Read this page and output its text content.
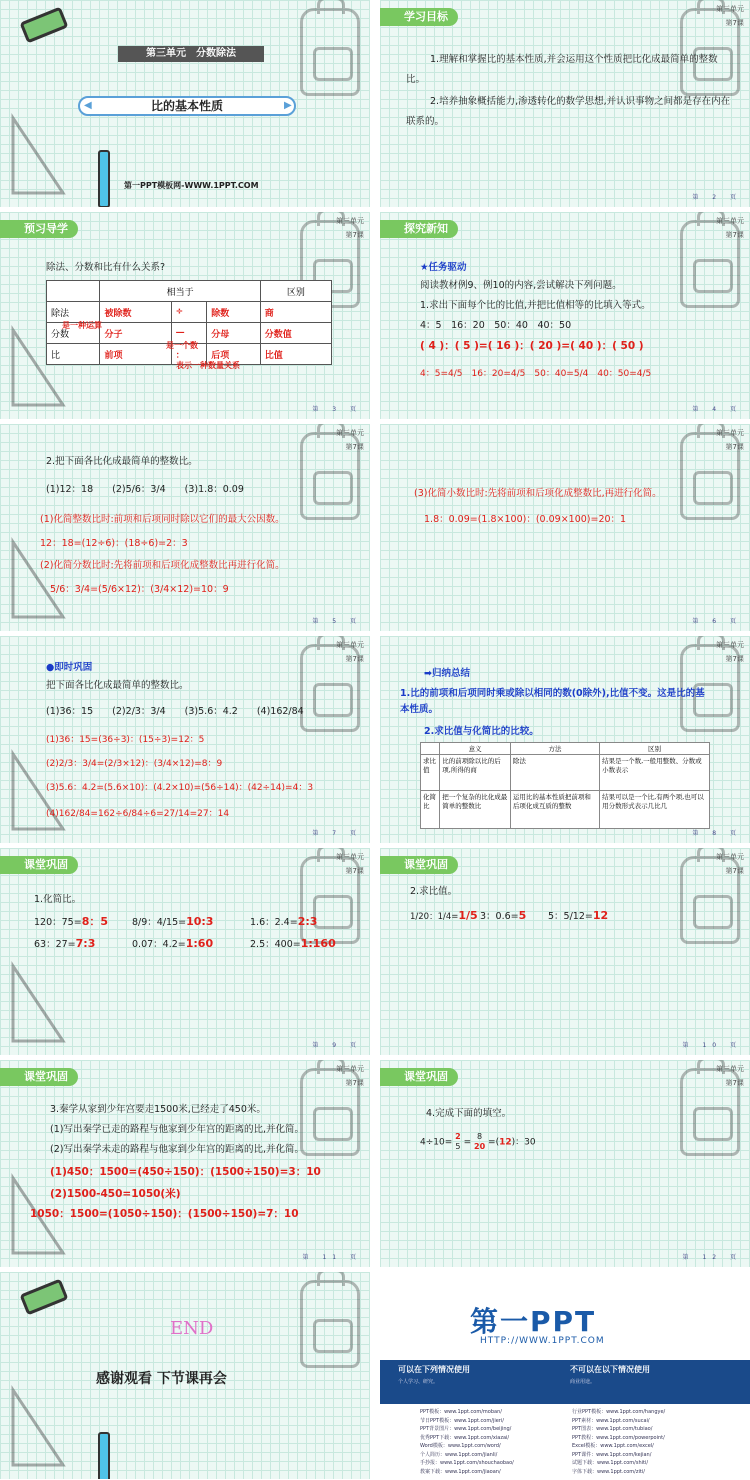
第三单元　分数除法
比的基本性质
◀	▶
第一PPT模板网-WWW.1PPT.COM
学习目标
第三单元
第7课
1.理解和掌握比的基本性质,并会运用这个性质把比化成最简单的整数比。
2.培养抽象概括能力,渗透转化的数学思想,并认识事物之间都是存在内在联系的。
第 2 页
预习导学
第三单元
第7课
除法、分数和比有什么关系?
	相当于			区别
除法	被除数	÷	除数	商
分数	分子	—	分母	分数值
比	前项	：	后项	比值
是一种运算
是一个数
表示一种数量关系
第 3 页
探究新知
第三单元
第7课
★任务驱动
阅读教材例9、例10的内容,尝试解决下列问题。
1.求出下面每个比的比值,并把比值相等的比填入等式。
4：5　16：20　50：40　40：50
( 4 )：( 5 )=( 16 )：( 20 )=( 40 )：( 50 )
4：5=4/5　16：20=4/5　50：40=5/4　40：50=4/5
第 4 页
第三单元
第7课
2.把下面各比化成最简单的整数比。
(1)12：18　　(2)5/6：3/4　　(3)1.8：0.09
(1)化简整数比时:前项和后项同时除以它们的最大公因数。
12：18=(12÷6)：(18÷6)=2：3
(2)化简分数比时:先将前项和后项化成整数比再进行化简。
5/6：3/4=(5/6×12)：(3/4×12)=10：9
第 5 页
第三单元
第7课
(3)化简小数比时:先将前项和后项化成整数比,再进行化简。
1.8：0.09=(1.8×100)：(0.09×100)=20：1
第 6 页
第三单元
第7课
●即时巩固
把下面各比化成最简单的整数比。
(1)36：15　　(2)2/3：3/4　　(3)5.6：4.2　　(4)162/84
(1)36：15=(36÷3)：(15÷3)=12：5
(2)2/3：3/4=(2/3×12)：(3/4×12)=8：9
(3)5.6：4.2=(5.6×10)：(4.2×10)=(56÷14)：(42÷14)=4：3
(4)162/84=162÷6/84÷6=27/14=27：14
第 7 页
第三单元
第7课
➡归纳总结
1.比的前项和后项同时乘或除以相同的数(0除外),比值不变。这是比的基本性质。
2.求比值与化简比的比较。
	意义	方法	区别
求比值	比的前项除以比的后项,所得的商	除法	结果是一个数,一般用整数、分数或小数表示
化简比	把一个复杂的比化成最简单的整数比	运用比的基本性质把前项和后项化成互质的整数	结果可以是一个比,有两个项,也可以用分数形式表示几比几
第 8 页
课堂巩固
第三单元
第7课
1.化简比。
120：75=8：5	8/9：4/15=10:3	1.6：2.4=2:3
63：27=7:3	0.07：4.2=1:60	2.5：400=1:160
第 9 页
课堂巩固
第三单元
第7课
2.求比值。
1/20：1/4=1/5 3：0.6=5 5：5/12=12
第 10 页
课堂巩固
第三单元
第7课
3.秦学从家到少年宫要走1500米,已经走了450米。
(1)写出秦学已走的路程与他家到少年宫的距离的比,并化简。
(2)写出秦学未走的路程与他家到少年宫的距离的比,并化简。
(1)450：1500=(450÷150)：(1500÷150)=3：10
(2)1500-450=1050(米)
1050：1500=(1050÷150)：(1500÷150)=7：10
第 11 页
课堂巩固
第三单元
第7课
4.完成下面的填空。
4÷10= 2
5 = 8
20 =(12)：30
第 12 页
END
感谢观看 下节课再会
第一PPT
HTTP://WWW.1PPT.COM
可以在下列情况使用
个人学习、研究。
不可以在以下情况使用
商业用途。
PPT模板：www.1ppt.com/moban/
节日PPT模板：www.1ppt.com/jieri/
PPT背景图片：www.1ppt.com/beijing/
优秀PPT下载：www.1ppt.com/xiazai/
Word模板：www.1ppt.com/word/
个人简历：www.1ppt.com/jianli/
手抄报：www.1ppt.com/shouchaobao/
教案下载：www.1ppt.com/jiaoan/
行业PPT模板：www.1ppt.com/hangye/
PPT素材：www.1ppt.com/sucai/
PPT图表：www.1ppt.com/tubiao/
PPT教程：www.1ppt.com/powerpoint/
Excel模板：www.1ppt.com/excel/
PPT课件：www.1ppt.com/kejian/
试题下载：www.1ppt.com/shiti/
字体下载：www.1ppt.com/ziti/
